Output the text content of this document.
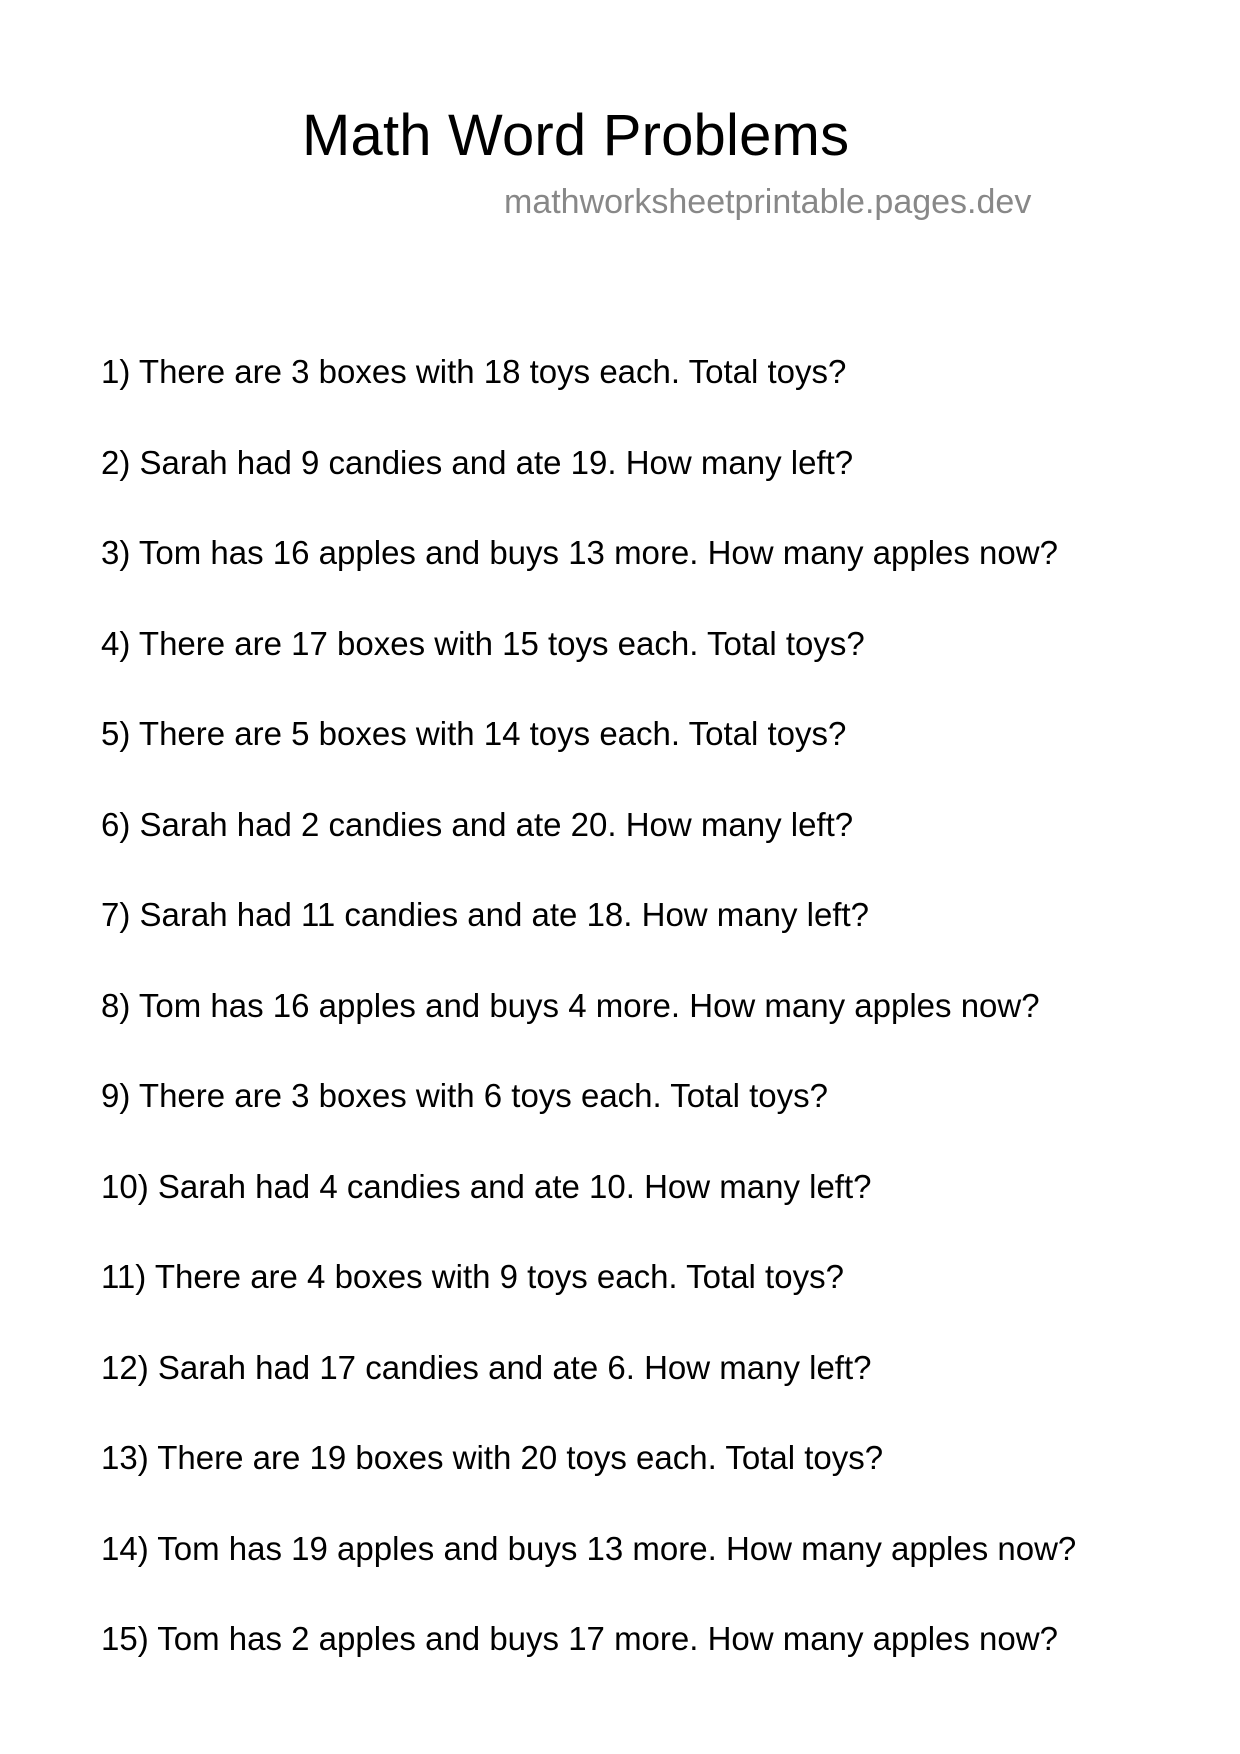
Math Word Problems
mathworksheetprintable.pages.dev
1) There are 3 boxes with 18 toys each. Total toys?
2) Sarah had 9 candies and ate 19. How many left?
3) Tom has 16 apples and buys 13 more. How many apples now?
4) There are 17 boxes with 15 toys each. Total toys?
5) There are 5 boxes with 14 toys each. Total toys?
6) Sarah had 2 candies and ate 20. How many left?
7) Sarah had 11 candies and ate 18. How many left?
8) Tom has 16 apples and buys 4 more. How many apples now?
9) There are 3 boxes with 6 toys each. Total toys?
10) Sarah had 4 candies and ate 10. How many left?
11) There are 4 boxes with 9 toys each. Total toys?
12) Sarah had 17 candies and ate 6. How many left?
13) There are 19 boxes with 20 toys each. Total toys?
14) Tom has 19 apples and buys 13 more. How many apples now?
15) Tom has 2 apples and buys 17 more. How many apples now?
